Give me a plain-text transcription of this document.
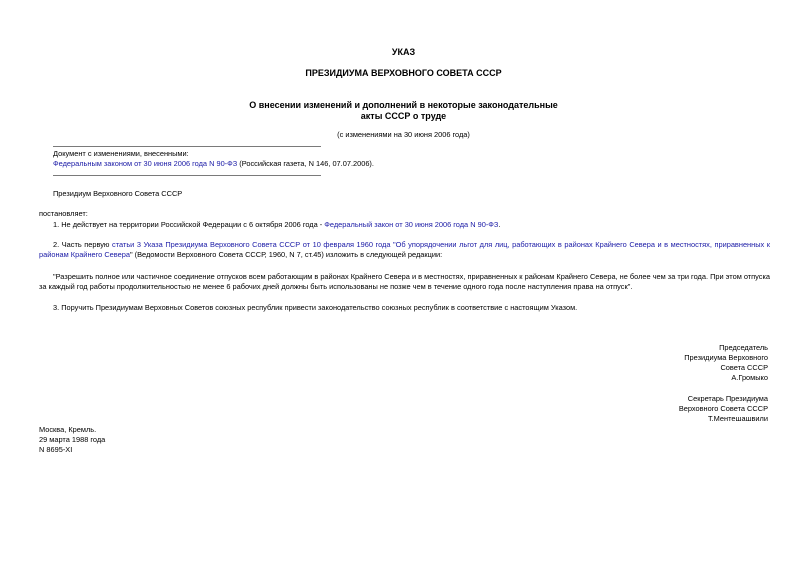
УКАЗ
ПРЕЗИДИУМА ВЕРХОВНОГО СОВЕТА СССР
О внесении изменений и дополнений в некоторые законодательные
акты СССР о труде
(с изменениями на 30 июня 2006 года)
Документ с изменениями, внесенными:
Федеральным законом от 30 июня 2006 года N 90-ФЗ (Российская газета, N 146, 07.07.2006).
Президиум Верховного Совета СССР
постановляет:
1. Не действует на территории Российской Федерации с 6 октября 2006 года - Федеральный закон от 30 июня 2006 года N 90-ФЗ.
2. Часть первую статьи 3 Указа Президиума Верховного Совета СССР от 10 февраля 1960 года "Об упорядочении льгот для лиц, работающих в районах Крайнего Севера и в местностях, приравненных к районам Крайнего Севера" (Ведомости Верховного Совета СССР, 1960, N 7, ст.45) изложить в следующей редакции:
"Разрешить полное или частичное соединение отпусков всем работающим в районах Крайнего Севера и в местностях, приравненных к районам Крайнего Севера, не более чем за три года. При этом отпуска за каждый год работы продолжительностью не менее 6 рабочих дней должны быть использованы не позже чем в течение одного года после наступления права на отпуск".
3. Поручить Президиумам Верховных Советов союзных республик привести законодательство союзных республик в соответствие с настоящим Указом.
Председатель
Президиума Верховного
Совета СССР
А.Громыко
Секретарь Президиума
Верховного Совета СССР
Т.Ментешашвили
Москва, Кремль.
29 марта 1988 года
N 8695-XI
